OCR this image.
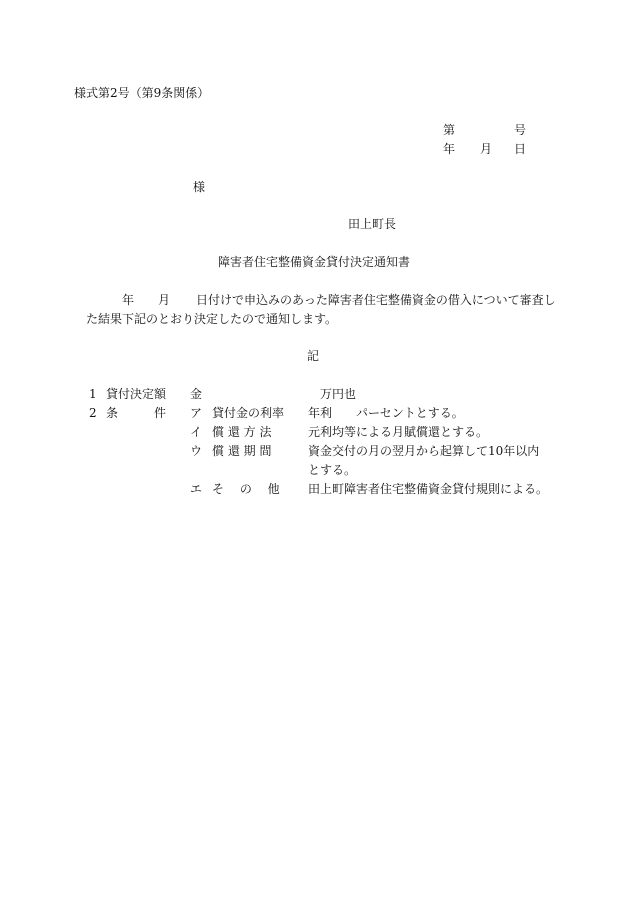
様式第2号（第9条関係）
第	号
年 月 日
様
田上町長
障害者住宅整備資金貸付決定通知書
年 月 日付けで申込みのあった障害者住宅整備資金の借入について審査し
た結果下記のとおり決定したので通知します。
記
1 貸付決定額 金	万円也
2 条	件 ア 貸付金の利率 年利 パーセントとする。
イ 償 還 方 法	元利均等による月賦償還とする。
ウ 償 還 期 間	資金交付の月の翌月から起算して10年以内
とする。
エ そ　 の　 他 田上町障害者住宅整備資金貸付規則による。
